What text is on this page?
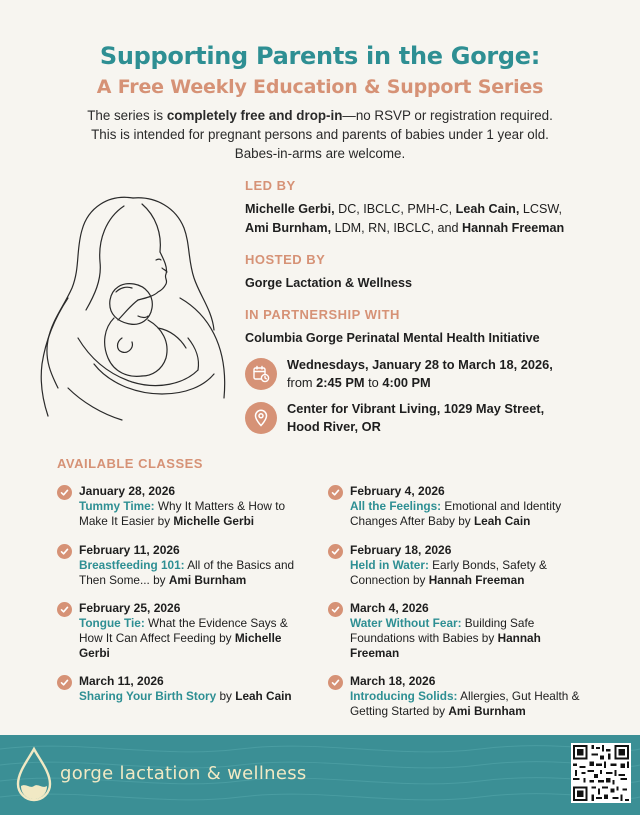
Supporting Parents in the Gorge:
A Free Weekly Education & Support Series
The series is completely free and drop-in—no RSVP or registration required.
This is intended for pregnant persons and parents of babies under 1 year old.
Babes-in-arms are welcome.
LED BY
Michelle Gerbi, DC, IBCLC, PMH-C, Leah Cain, LCSW,
Ami Burnham, LDM, RN, IBCLC, and Hannah Freeman
HOSTED BY
Gorge Lactation & Wellness
IN PARTNERSHIP WITH
Columbia Gorge Perinatal Mental Health Initiative
Wednesdays, January 28 to March 18, 2026,
from 2:45 PM to 4:00 PM
Center for Vibrant Living, 1029 May Street,
Hood River, OR
AVAILABLE CLASSES
January 28, 2026
Tummy Time: Why It Matters & How to Make It Easier by Michelle Gerbi
February 4, 2026
All the Feelings: Emotional and Identity Changes After Baby by Leah Cain
February 11, 2026
Breastfeeding 101: All of the Basics and Then Some... by Ami Burnham
February 18, 2026
Held in Water: Early Bonds, Safety & Connection by Hannah Freeman
February 25, 2026
Tongue Tie: What the Evidence Says & How It Can Affect Feeding by Michelle Gerbi
March 4, 2026
Water Without Fear: Building Safe Foundations with Babies by Hannah Freeman
March 11, 2026
Sharing Your Birth Story by Leah Cain
March 18, 2026
Introducing Solids: Allergies, Gut Health & Getting Started by Ami Burnham
gorge lactation & wellness
